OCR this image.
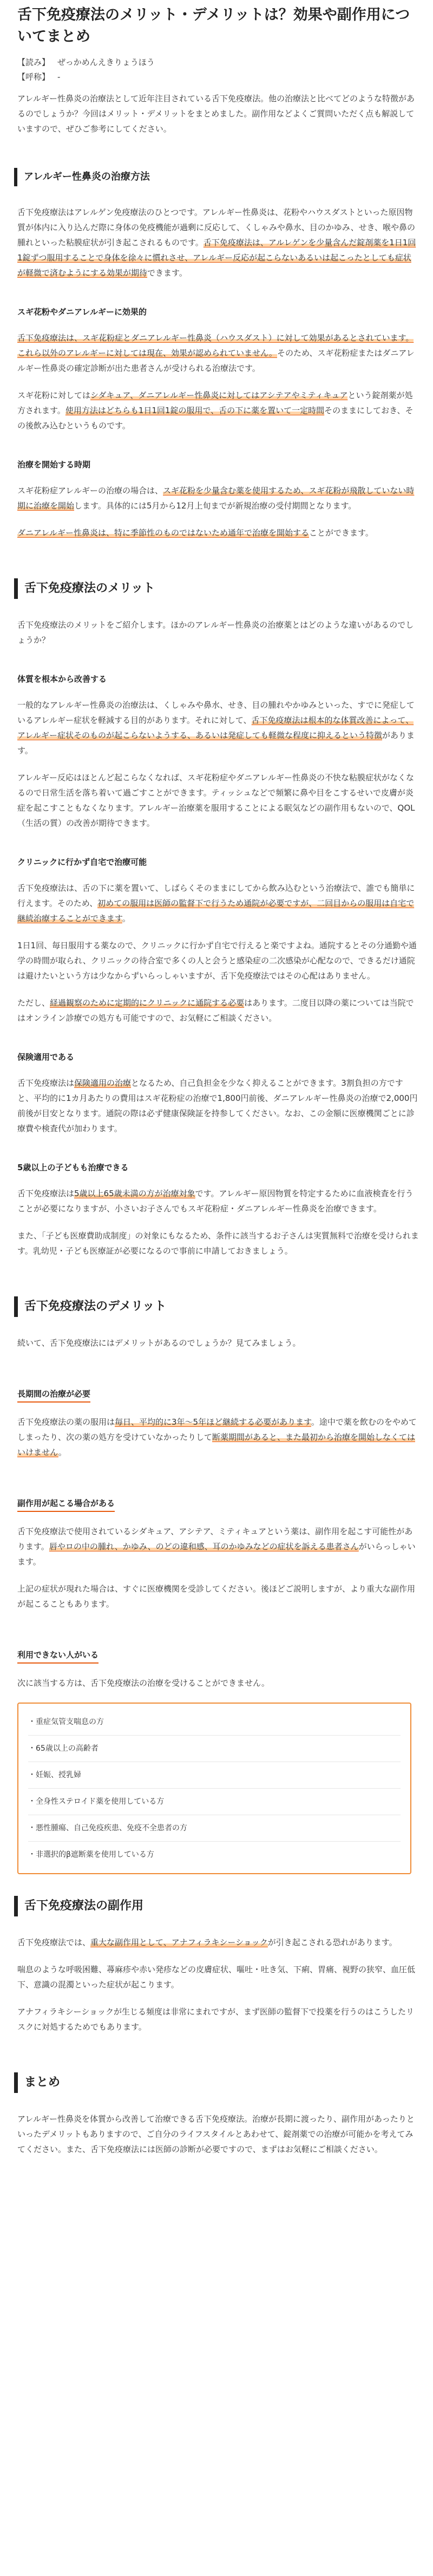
舌下免疫療法のメリット・デメリットは？効果や副作用についてまとめ
【読み】 ぜっかめんえきりょうほう
【呼称】 -

アレルギー性鼻炎の治療法として近年注目されている舌下免疫療法。他の治療法と比べてどのような特徴があるのでしょうか？今回はメリット・デメリットをまとめました。副作用などよくご質問いただく点も解説していますので、ぜひご参考にしてください。

アレルギー性鼻炎の治療方法

舌下免疫療法はアレルゲン免疫療法のひとつです。アレルギー性鼻炎は、花粉やハウスダストといった原因物質が体内に入り込んだ際に身体の免疫機能が過剰に反応して、くしゃみや鼻水、目のかゆみ、せき、喉や鼻の腫れといった粘膜症状が引き起こされるものです。舌下免疫療法は、アルレゲンを少量含んだ錠剤薬を1日1回1錠ずつ服用することで身体を徐々に慣れさせ、アレルギー反応が起こらないあるいは起こったとしても症状が軽微で済むようにする効果が期待できます。

スギ花粉やダニアレルギーに効果的

舌下免疫療法は、スギ花粉症とダニアレルギー性鼻炎（ハウスダスト）に対して効果があるとされています。これら以外のアレルギーに対しては現在、効果が認められていません。そのため、スギ花粉症またはダニアレルギー性鼻炎の確定診断が出た患者さんが受けられる治療法です。

スギ花粉に対してはシダキュア、ダニアレルギー性鼻炎に対してはアシテアやミティキュアという錠剤薬が処方されます。使用方法はどちらも1日1回1錠の服用で、舌の下に薬を置いて一定時間そのままにしておき、その後飲み込むというものです。

治療を開始する時期

スギ花粉症アレルギーの治療の場合は、スギ花粉を少量含む薬を使用するため、スギ花粉が飛散していない時期に治療を開始します。具体的には5月から12月上旬までが新規治療の受付期間となります。

ダニアレルギー性鼻炎は、特に季節性のものではないため通年で治療を開始することができます。

舌下免疫療法のメリット

舌下免疫療法のメリットをご紹介します。ほかのアレルギー性鼻炎の治療薬とはどのような違いがあるのでしょうか？

体質を根本から改善する

一般的なアレルギー性鼻炎の治療法は、くしゃみや鼻水、せき、目の腫れやかゆみといった、すでに発症しているアレルギー症状を軽減する目的があります。それに対して、舌下免疫療法は根本的な体質改善によって、アレルギー症状そのものが起こらないようする、あるいは発症しても軽微な程度に抑えるという特徴があります。

アレルギー反応はほとんど起こらなくなれば、スギ花粉症やダニアレルギー性鼻炎の不快な粘膜症状がなくなるので日常生活を落ち着いて過ごすことができます。ティッシュなどで頻繁に鼻や目をこするせいで皮膚が炎症を起こすこともなくなります。アレルギー治療薬を服用することによる眠気などの副作用もないので、QOL（生活の質）の改善が期待できます。

クリニックに行かず自宅で治療可能

舌下免疫療法は、舌の下に薬を置いて、しばらくそのままにしてから飲み込むという治療法で、誰でも簡単に行えます。そのため、初めての服用は医師の監督下で行うため通院が必要ですが、二回目からの服用は自宅で継続治療することができます。

1日1回、毎日服用する薬なので、クリニックに行かず自宅で行えると楽ですよね。通院するとその分通勤や通学の時間が取られ、クリニックの待合室で多くの人と会うと感染症の二次感染が心配なので、できるだけ通院は避けたいという方は少なからずいらっしゃいますが、舌下免疫療法ではその心配はありません。

ただし、経過観察のために定期的にクリニックに通院する必要はあります。二度目以降の薬については当院ではオンライン診療での処方も可能ですので、お気軽にご相談ください。

保険適用である

舌下免疫療法は保険適用の治療となるため、自己負担金を少なく抑えることができます。3割負担の方ですと、平均的に1カ月あたりの費用はスギ花粉症の治療で1,800円前後、ダニアレルギー性鼻炎の治療で2,000円前後が目安となります。通院の際は必ず健康保険証を持参してください。なお、この金額に医療機関ごとに診療費や検査代が加わります。

5歳以上の子どもも治療できる

舌下免疫療法は5歳以上65歳未満の方が治療対象です。アレルギー原因物質を特定するために血液検査を行うことが必要になりますが、小さいお子さんでもスギ花粉症・ダニアレルギー性鼻炎を治療できます。

また、「子ども医療費助成制度」の対象にもなるため、条件に該当するお子さんは実質無料で治療を受けられます。乳幼児・子ども医療証が必要になるので事前に申請しておきましょう。

舌下免疫療法のデメリット

続いて、舌下免疫療法にはデメリットがあるのでしょうか？見てみましょう。

長期間の治療が必要

舌下免疫療法の薬の服用は毎日、平均的に3年〜5年ほど継続する必要があります。途中で薬を飲むのをやめてしまったり、次の薬の処方を受けていなかったりして断薬期間があると、また最初から治療を開始しなくてはいけません。

副作用が起こる場合がある

舌下免疫療法で使用されているシダキュア、アシテア、ミティキュアという薬は、副作用を起こす可能性があります。唇やロの中の腫れ、かゆみ、のどの違和感、耳のかゆみなどの症状を訴える患者さんがいらっしゃいます。

上記の症状が現れた場合は、すぐに医療機関を受診してください。後ほどご説明しますが、より重大な副作用が起こることもあります。

利用できない人がいる

次に該当する方は、舌下免疫療法の治療を受けることができません。

・ 重症気管支喘息の方
・ 65歳以上の高齢者
・ 妊娠、授乳婦
・ 全身性ステロイド薬を使用している方
・ 悪性腫瘍、自己免疫疾患、免疫不全患者の方
・ 非選択的β遮断薬を使用している方
舌下免疫療法の副作用

舌下免疫療法では、重大な副作用として、アナフィラキシーショックが引き起こされる恐れがあります。

喘息のような呼吸困難、蕁麻疹や赤い発疹などの皮膚症状、嘔吐・吐き気、下痢、胃痛、視野の狭窄、血圧低下、意識の混濁といった症状が起こります。

アナフィラキシーショックが生じる頻度は非常にまれですが、まず医師の監督下で投薬を行うのはこうしたリスクに対処するためでもあります。

まとめ

アレルギー性鼻炎を体質から改善して治療できる舌下免疫療法。治療が長期に渡ったり、副作用があったりといったデメリットもありますので、ご自分のライフスタイルとあわせて、錠剤薬での治療が可能かを考えてみてください。また、舌下免疫療法には医師の診断が必要ですので、まずはお気軽にご相談ください。
